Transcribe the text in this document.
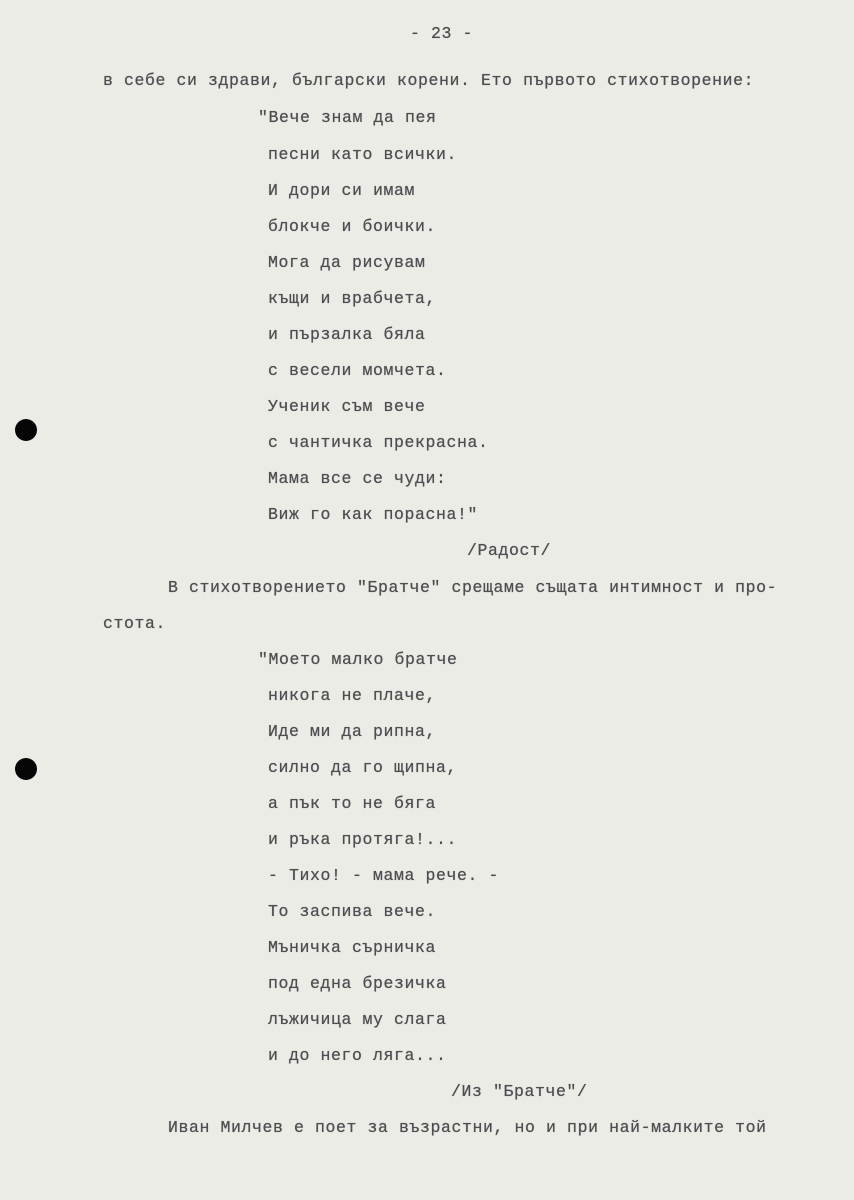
- 23 -
в себе си здрави, български корени. Ето първото стихотворение:
"Вече знам да пея
песни като всички.
И дори си имам
блокче и боички.
Мога да рисувам
къщи и врабчета,
и пързалка бяла
с весели момчета.
Ученик съм вече
с чантичка прекрасна.
Мама все се чуди:
Виж го как порасна!"
/Радост/
В стихотворението "Братче" срещаме същата интимност и про-
стота.
"Моето малко братче
никога не плаче,
Иде ми да рипна,
силно да го щипна,
а пък то не бяга
и ръка протяга!...
- Тихо! - мама рече. -
То заспива вече.
Мъничка сърничка
под една брезичка
лъжичица му слага
и до него ляга...
/Из "Братче"/
Иван Милчев е поет за възрастни, но и при най-малките той
